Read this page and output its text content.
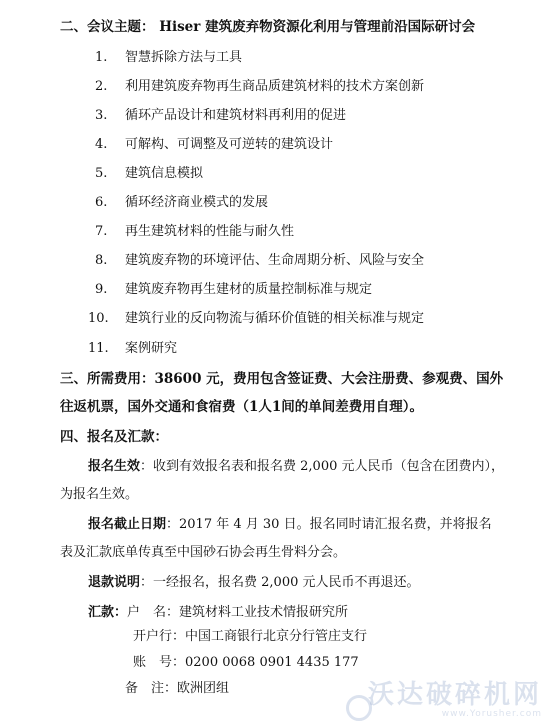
二、会议主题： Hiser 建筑废弃物资源化利用与管理前沿国际研讨会
1. 智慧拆除方法与工具
2. 利用建筑废弃物再生商品质建筑材料的技术方案创新
3. 循环产品设计和建筑材料再利用的促进
4. 可解构、可调整及可逆转的建筑设计
5. 建筑信息模拟
6. 循环经济商业模式的发展
7. 再生建筑材料的性能与耐久性
8. 建筑废弃物的环境评估、生命周期分析、风险与安全
9. 建筑废弃物再生建材的质量控制标准与规定
10. 建筑行业的反向物流与循环价值链的相关标准与规定
11. 案例研究
三、所需费用：38600 元，费用包含签证费、大会注册费、参观费、国外
往返机票，国外交通和食宿费（1人1间的单间差费用自理）。
四、报名及汇款：
报名生效：收到有效报名表和报名费 2,000 元人民币（包含在团费内），
为报名生效。
报名截止日期：2017 年 4 月 30 日。报名同时请汇报名费，并将报名
表及汇款底单传真至中国砂石协会再生骨料分会。
退款说明：一经报名，报名费 2,000 元人民币不再退还。
汇款：户　名：建筑材料工业技术情报研究所
开户行：中国工商银行北京分行管庄支行
账　号：0200 0068 0901 4435 177
备　注：欧洲团组	沃达破碎机网
www.Yorusher.com
